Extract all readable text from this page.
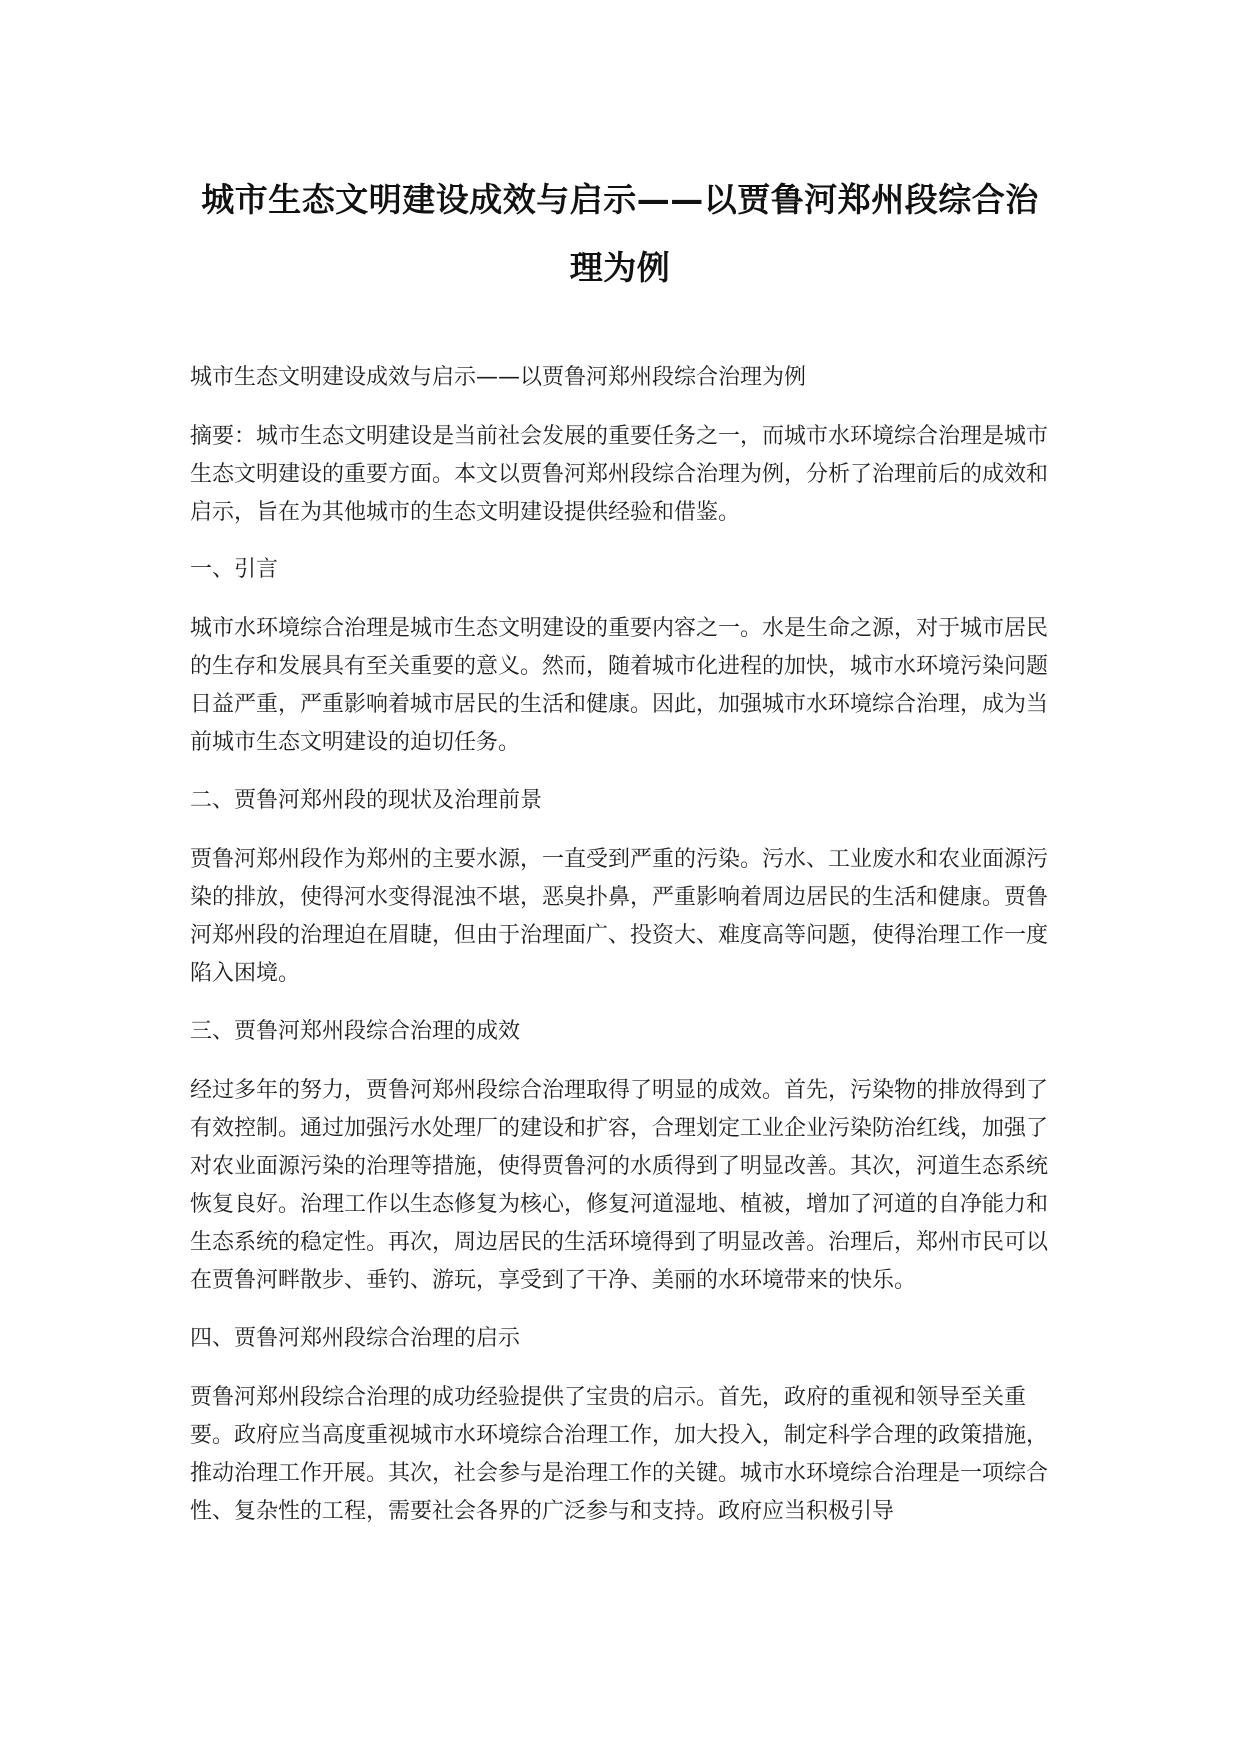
城市生态文明建设成效与启示——以贾鲁河郑州段综合治理为例

城市生态文明建设成效与启示——以贾鲁河郑州段综合治理为例

摘要：城市生态文明建设是当前社会发展的重要任务之一，而城市水环境综合治理是城市生态文明建设的重要方面。本文以贾鲁河郑州段综合治理为例，分析了治理前后的成效和启示，旨在为其他城市的生态文明建设提供经验和借鉴。

一、引言

城市水环境综合治理是城市生态文明建设的重要内容之一。水是生命之源，对于城市居民的生存和发展具有至关重要的意义。然而，随着城市化进程的加快，城市水环境污染问题日益严重，严重影响着城市居民的生活和健康。因此，加强城市水环境综合治理，成为当前城市生态文明建设的迫切任务。

二、贾鲁河郑州段的现状及治理前景

贾鲁河郑州段作为郑州的主要水源，一直受到严重的污染。污水、工业废水和农业面源污染的排放，使得河水变得混浊不堪，恶臭扑鼻，严重影响着周边居民的生活和健康。贾鲁河郑州段的治理迫在眉睫，但由于治理面广、投资大、难度高等问题，使得治理工作一度陷入困境。

三、贾鲁河郑州段综合治理的成效

经过多年的努力，贾鲁河郑州段综合治理取得了明显的成效。首先，污染物的排放得到了有效控制。通过加强污水处理厂的建设和扩容，合理划定工业企业污染防治红线，加强了对农业面源污染的治理等措施，使得贾鲁河的水质得到了明显改善。其次，河道生态系统恢复良好。治理工作以生态修复为核心，修复河道湿地、植被，增加了河道的自净能力和生态系统的稳定性。再次，周边居民的生活环境得到了明显改善。治理后，郑州市民可以在贾鲁河畔散步、垂钓、游玩，享受到了干净、美丽的水环境带来的快乐。

四、贾鲁河郑州段综合治理的启示

贾鲁河郑州段综合治理的成功经验提供了宝贵的启示。首先，政府的重视和领导至关重要。政府应当高度重视城市水环境综合治理工作，加大投入，制定科学合理的政策措施，推动治理工作开展。其次，社会参与是治理工作的关键。城市水环境综合治理是一项综合性、复杂性的工程，需要社会各界的广泛参与和支持。政府应当积极引导
